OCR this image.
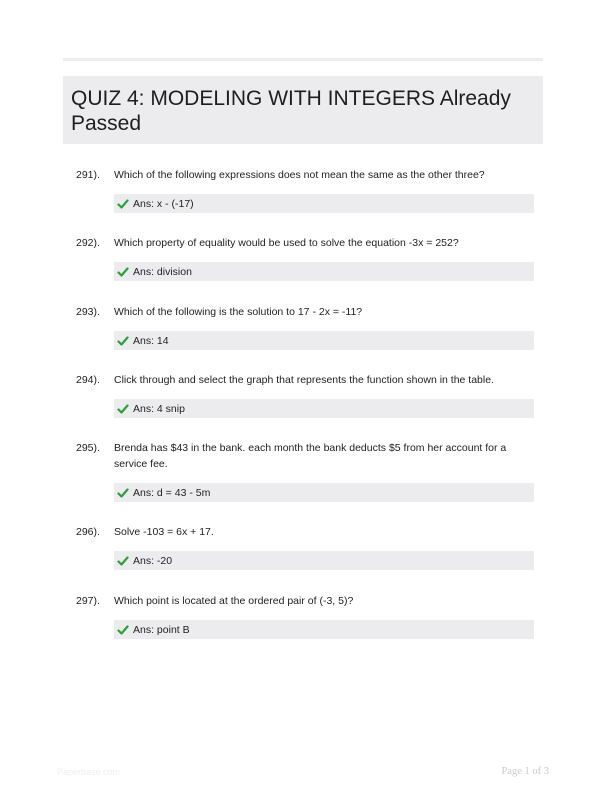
QUIZ 4: MODELING WITH INTEGERS Already Passed
291).	Which of the following expressions does not mean the same as the other three?
Ans: x - (-17)
292).	Which property of equality would be used to solve the equation -3x = 252?
Ans: division
293).	Which of the following is the solution to 17 - 2x = -11?
Ans: 14
294).	Click through and select the graph that represents the function shown in the table.
Ans: 4 snip
295).	Brenda has $43 in the bank. each month the bank deducts $5 from her account for a service fee.
Ans: d = 43 - 5m
296).	Solve -103 = 6x + 17.
Ans: -20
297).	Which point is located at the ordered pair of (-3, 5)?
Ans: point B
Paperbase.com	Page 1 of 3
